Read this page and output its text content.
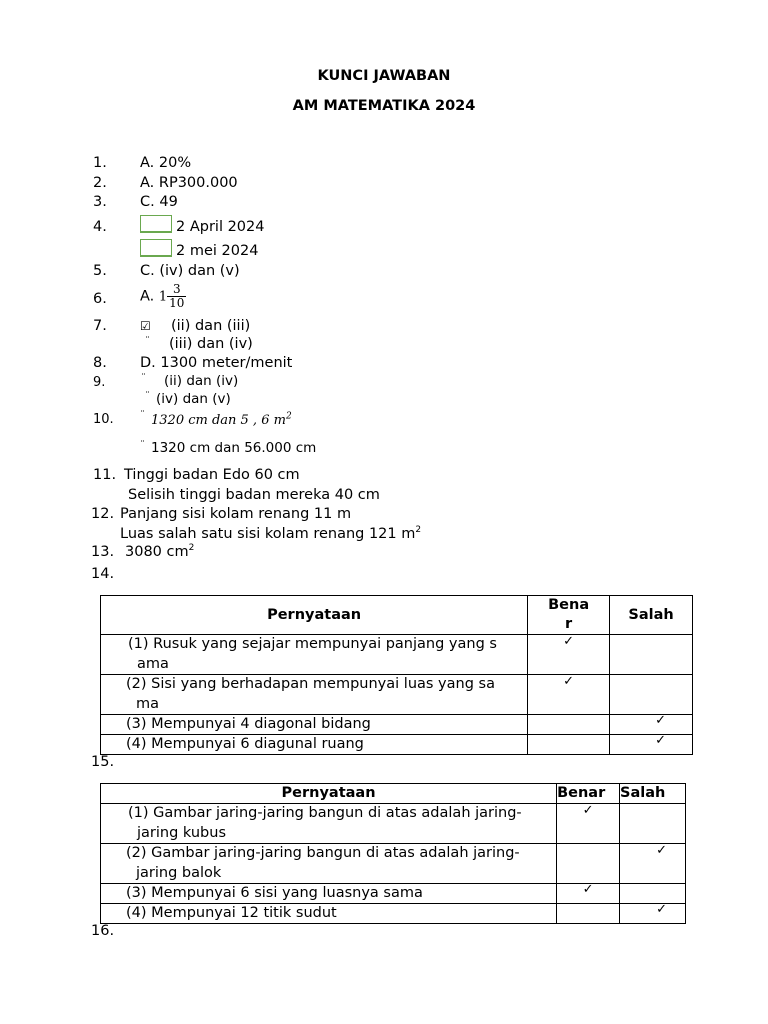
KUNCI JAWABAN
AM MATEMATIKA 2024
1. A. 20%
2. A. RP300.000
3. C. 49
4.	2 April 2024
2 mei 2024
5. C. (iv) dan (v)
6. A. $1 \frac{3}{10}$
7.	☑ (ii) dan (iii)
¨ (iii) dan (iv)
8. D. 1300 meter/menit
9.	¨ (ii) dan (iv)
¨ (iv) dan (v)
10.	¨ 1320 cm dan 5 , 6 $m^2$
¨ 1320 cm dan 56.000 cm
11. Tinggi badan Edo 60 cm
Selisih tinggi badan mereka 40 cm
12. Panjang sisi kolam renang 11 m
Luas salah satu sisi kolam renang 121 $m^2$
13. 3080 $cm^2$
14.
Pernyataan	Bena
r	Salah
(1) Rusuk yang sejajar mempunyai panjang yang s
ama	✓	
(2) Sisi yang berhadapan mempunyai luas yang sa
ma	✓	
(3) Mempunyai 4 diagonal bidang		✓
(4) Mempunyai 6 diagunal ruang		✓
15.
Pernyataan	Benar	Salah
(1) Gambar jaring-jaring bangun di atas adalah jaring-
jaring kubus	✓	
(2) Gambar jaring-jaring bangun di atas adalah jaring-
jaring balok		✓
(3) Mempunyai 6 sisi yang luasnya sama	✓	
(4) Mempunyai 12 titik sudut		✓
16.
